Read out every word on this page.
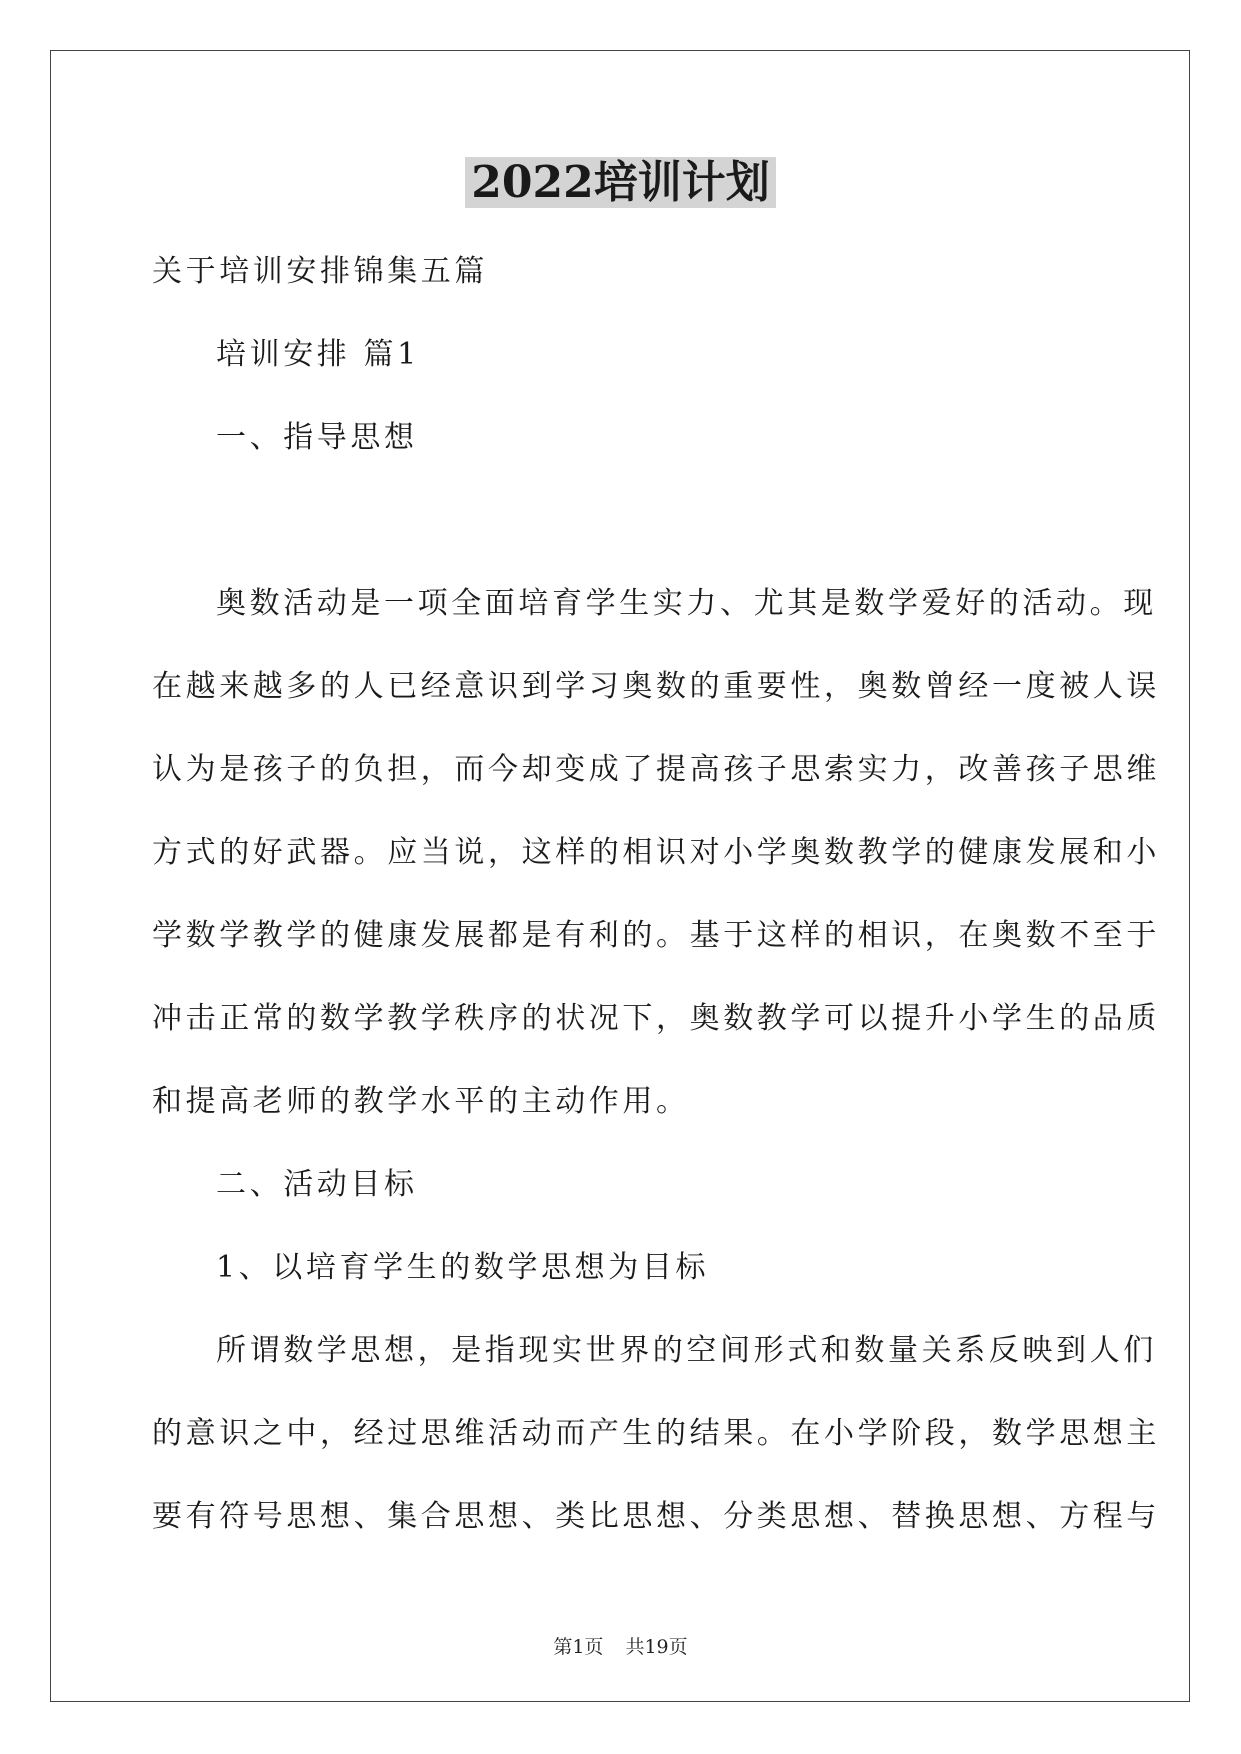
2022培训计划

关于培训安排锦集五篇

培训安排 篇1

一、指导思想

奥数活动是一项全面培育学生实力、尤其是数学爱好的活动。现

在越来越多的人已经意识到学习奥数的重要性，奥数曾经一度被人误

认为是孩子的负担，而今却变成了提高孩子思索实力，改善孩子思维

方式的好武器。应当说，这样的相识对小学奥数教学的健康发展和小

学数学教学的健康发展都是有利的。基于这样的相识，在奥数不至于

冲击正常的数学教学秩序的状况下，奥数教学可以提升小学生的品质

和提高老师的教学水平的主动作用。

二、活动目标

1、以培育学生的数学思想为目标

所谓数学思想，是指现实世界的空间形式和数量关系反映到人们

的意识之中，经过思维活动而产生的结果。在小学阶段，数学思想主

要有符号思想、集合思想、类比思想、分类思想、替换思想、方程与

第1页 共19页
